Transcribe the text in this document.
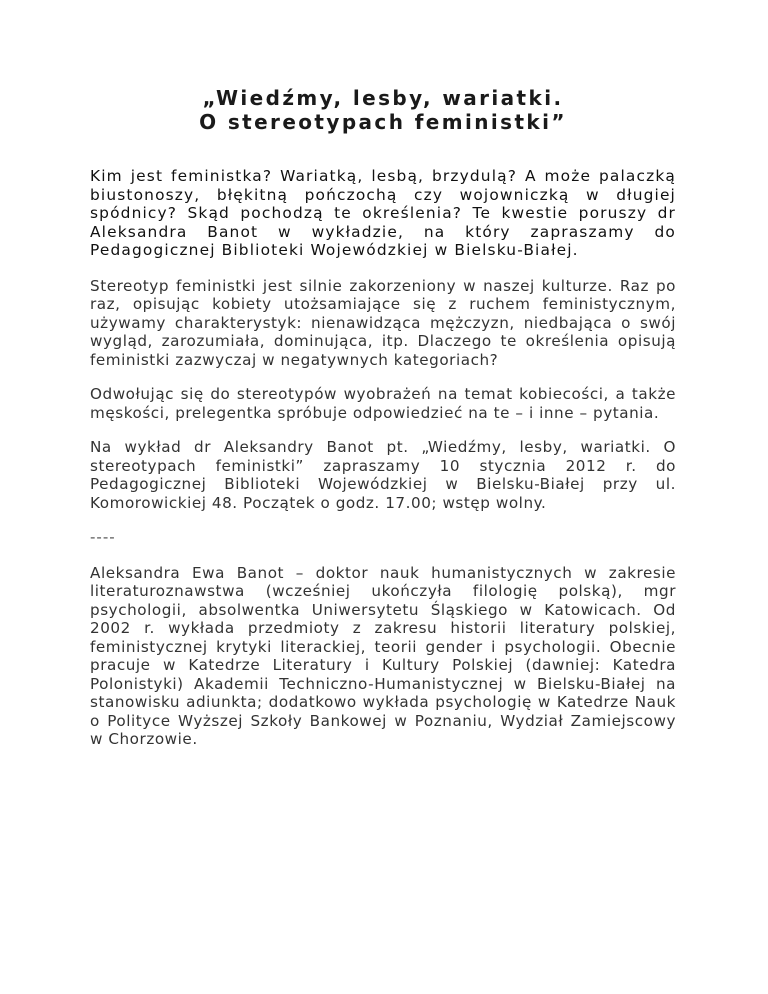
„Wiedźmy, lesby, wariatki.
O stereotypach feministki”

Kim jest feministka? Wariatką, lesbą, brzydulą? A może palaczką biustonoszy, błękitną pończochą czy wojowniczką w długiej spódnicy? Skąd pochodzą te określenia? Te kwestie poruszy dr Aleksandra Banot w wykładzie, na który zapraszamy do Pedagogicznej Biblioteki Wojewódzkiej w Bielsku-Białej.

Stereotyp feministki jest silnie zakorzeniony w naszej kulturze. Raz po raz, opisując kobiety utożsamiające się z ruchem feministycznym, używamy charakterystyk: nienawidząca mężczyzn, niedbająca o swój wygląd, zarozumiała, dominująca, itp. Dlaczego te określenia opisują feministki zazwyczaj w negatywnych kategoriach?

Odwołując się do stereotypów wyobrażeń na temat kobiecości, a także męskości, prelegentka spróbuje odpowiedzieć na te – i inne – pytania.

Na wykład dr Aleksandry Banot pt. „Wiedźmy, lesby, wariatki. O stereotypach feministki” zapraszamy 10 stycznia 2012 r. do Pedagogicznej Biblioteki Wojewódzkiej w Bielsku-Białej przy ul. Komorowickiej 48. Początek o godz. 17.00; wstęp wolny.

----

Aleksandra Ewa Banot – doktor nauk humanistycznych w zakresie literaturoznawstwa (wcześniej ukończyła filologię polską), mgr psychologii, absolwentka Uniwersytetu Śląskiego w Katowicach. Od 2002 r. wykłada przedmioty z zakresu historii literatury polskiej, feministycznej krytyki literackiej, teorii gender i psychologii. Obecnie pracuje w Katedrze Literatury i Kultury Polskiej (dawniej: Katedra Polonistyki) Akademii Techniczno-Humanistycznej w Bielsku-Białej na stanowisku adiunkta; dodatkowo wykłada psychologię w Katedrze Nauk o Polityce Wyższej Szkoły Bankowej w Poznaniu, Wydział Zamiejscowy w Chorzowie.
